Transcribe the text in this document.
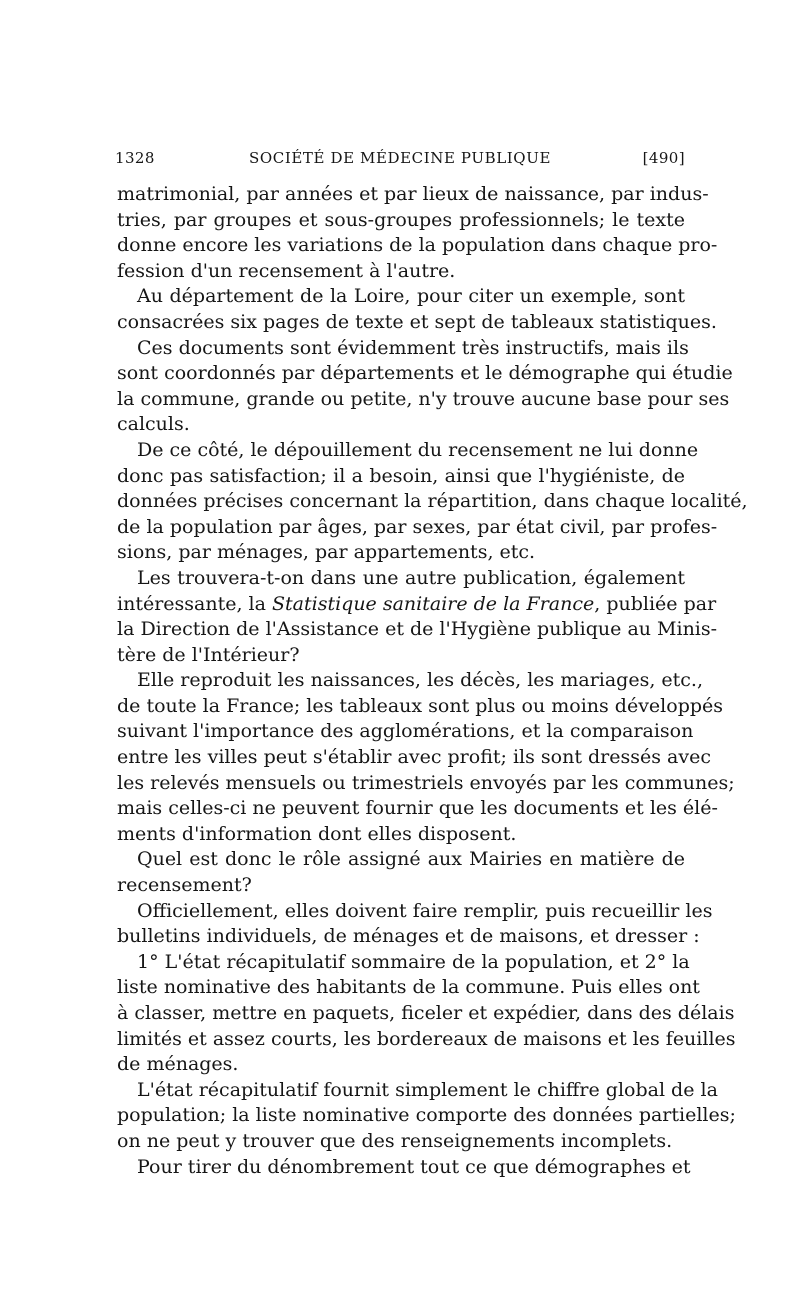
1328	SOCIÉTÉ DE MÉDECINE PUBLIQUE	[490]
matrimonial, par années et par lieux de naissance, par indus-
tries, par groupes et sous-groupes professionnels; le texte
donne encore les variations de la population dans chaque pro-
fession d'un recensement à l'autre.
Au département de la Loire, pour citer un exemple, sont
consacrées six pages de texte et sept de tableaux statistiques.
Ces documents sont évidemment très instructifs, mais ils
sont coordonnés par départements et le démographe qui étudie
la commune, grande ou petite, n'y trouve aucune base pour ses
calculs.
De ce côté, le dépouillement du recensement ne lui donne
donc pas satisfaction; il a besoin, ainsi que l'hygiéniste, de
données précises concernant la répartition, dans chaque localité,
de la population par âges, par sexes, par état civil, par profes-
sions, par ménages, par appartements, etc.
Les trouvera-t-on dans une autre publication, également
intéressante, la Statistique sanitaire de la France, publiée par
la Direction de l'Assistance et de l'Hygiène publique au Minis-
tère de l'Intérieur?
Elle reproduit les naissances, les décès, les mariages, etc.,
de toute la France; les tableaux sont plus ou moins développés
suivant l'importance des agglomérations, et la comparaison
entre les villes peut s'établir avec profit; ils sont dressés avec
les relevés mensuels ou trimestriels envoyés par les communes;
mais celles-ci ne peuvent fournir que les documents et les élé-
ments d'information dont elles disposent.
Quel est donc le rôle assigné aux Mairies en matière de
recensement?
Officiellement, elles doivent faire remplir, puis recueillir les
bulletins individuels, de ménages et de maisons, et dresser :
1° L'état récapitulatif sommaire de la population, et 2° la
liste nominative des habitants de la commune. Puis elles ont
à classer, mettre en paquets, ficeler et expédier, dans des délais
limités et assez courts, les bordereaux de maisons et les feuilles
de ménages.
L'état récapitulatif fournit simplement le chiffre global de la
population; la liste nominative comporte des données partielles;
on ne peut y trouver que des renseignements incomplets.
Pour tirer du dénombrement tout ce que démographes et
